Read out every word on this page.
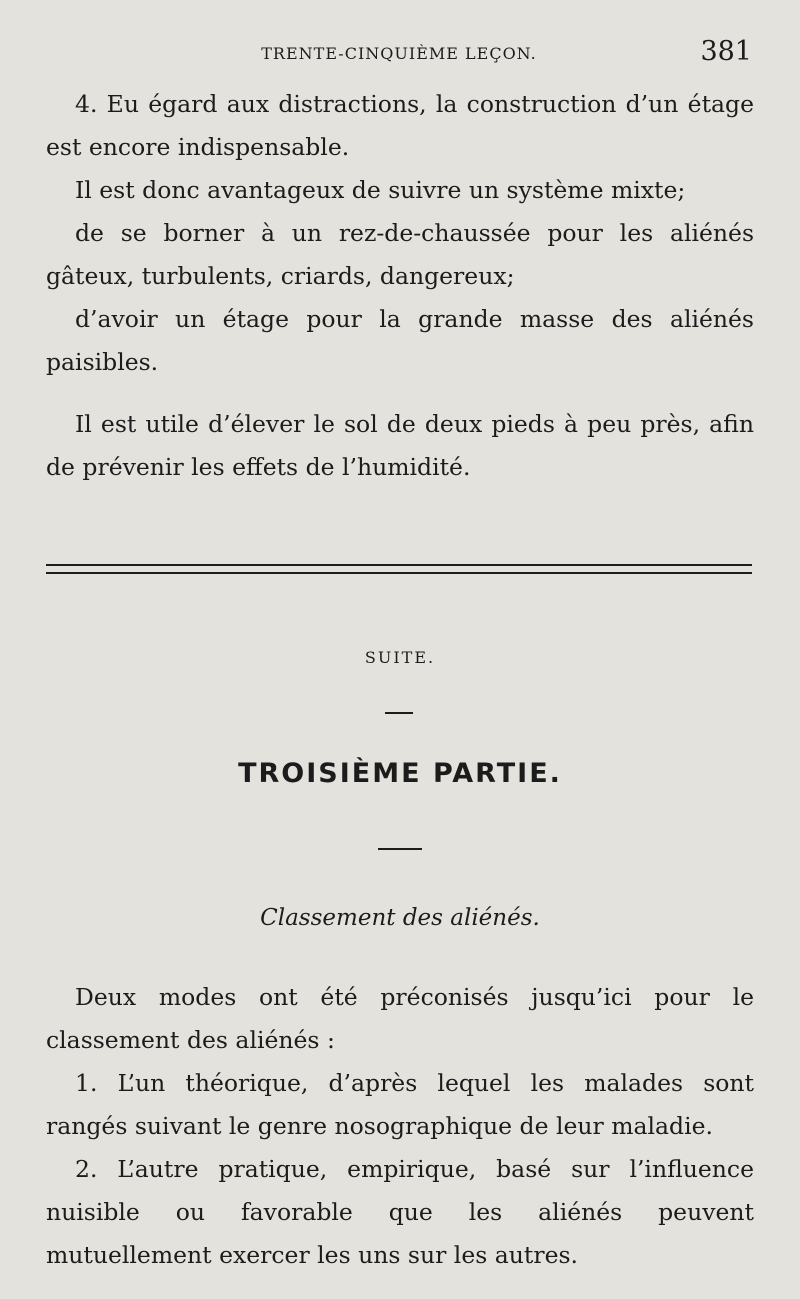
TRENTE-CINQUIÈME LEÇON.	381

4. Eu égard aux distractions, la construction d’un étage est encore indispensable.

Il est donc avantageux de suivre un système mixte;

de se borner à un rez-de-chaussée pour les aliénés gâteux, turbulents, criards, dangereux;

d’avoir un étage pour la grande masse des aliénés paisibles.

Il est utile d’élever le sol de deux pieds à peu près, afin de prévenir les effets de l’humidité.

SUITE.
TROISIÈME PARTIE.
Classement des aliénés.

Deux modes ont été préconisés jusqu’ici pour le classement des aliénés :

1. L’un théorique, d’après lequel les malades sont rangés suivant le genre nosographique de leur maladie.

2. L’autre pratique, empirique, basé sur l’influence nuisible ou favorable que les aliénés peuvent mutuellement exercer les uns sur les autres.
